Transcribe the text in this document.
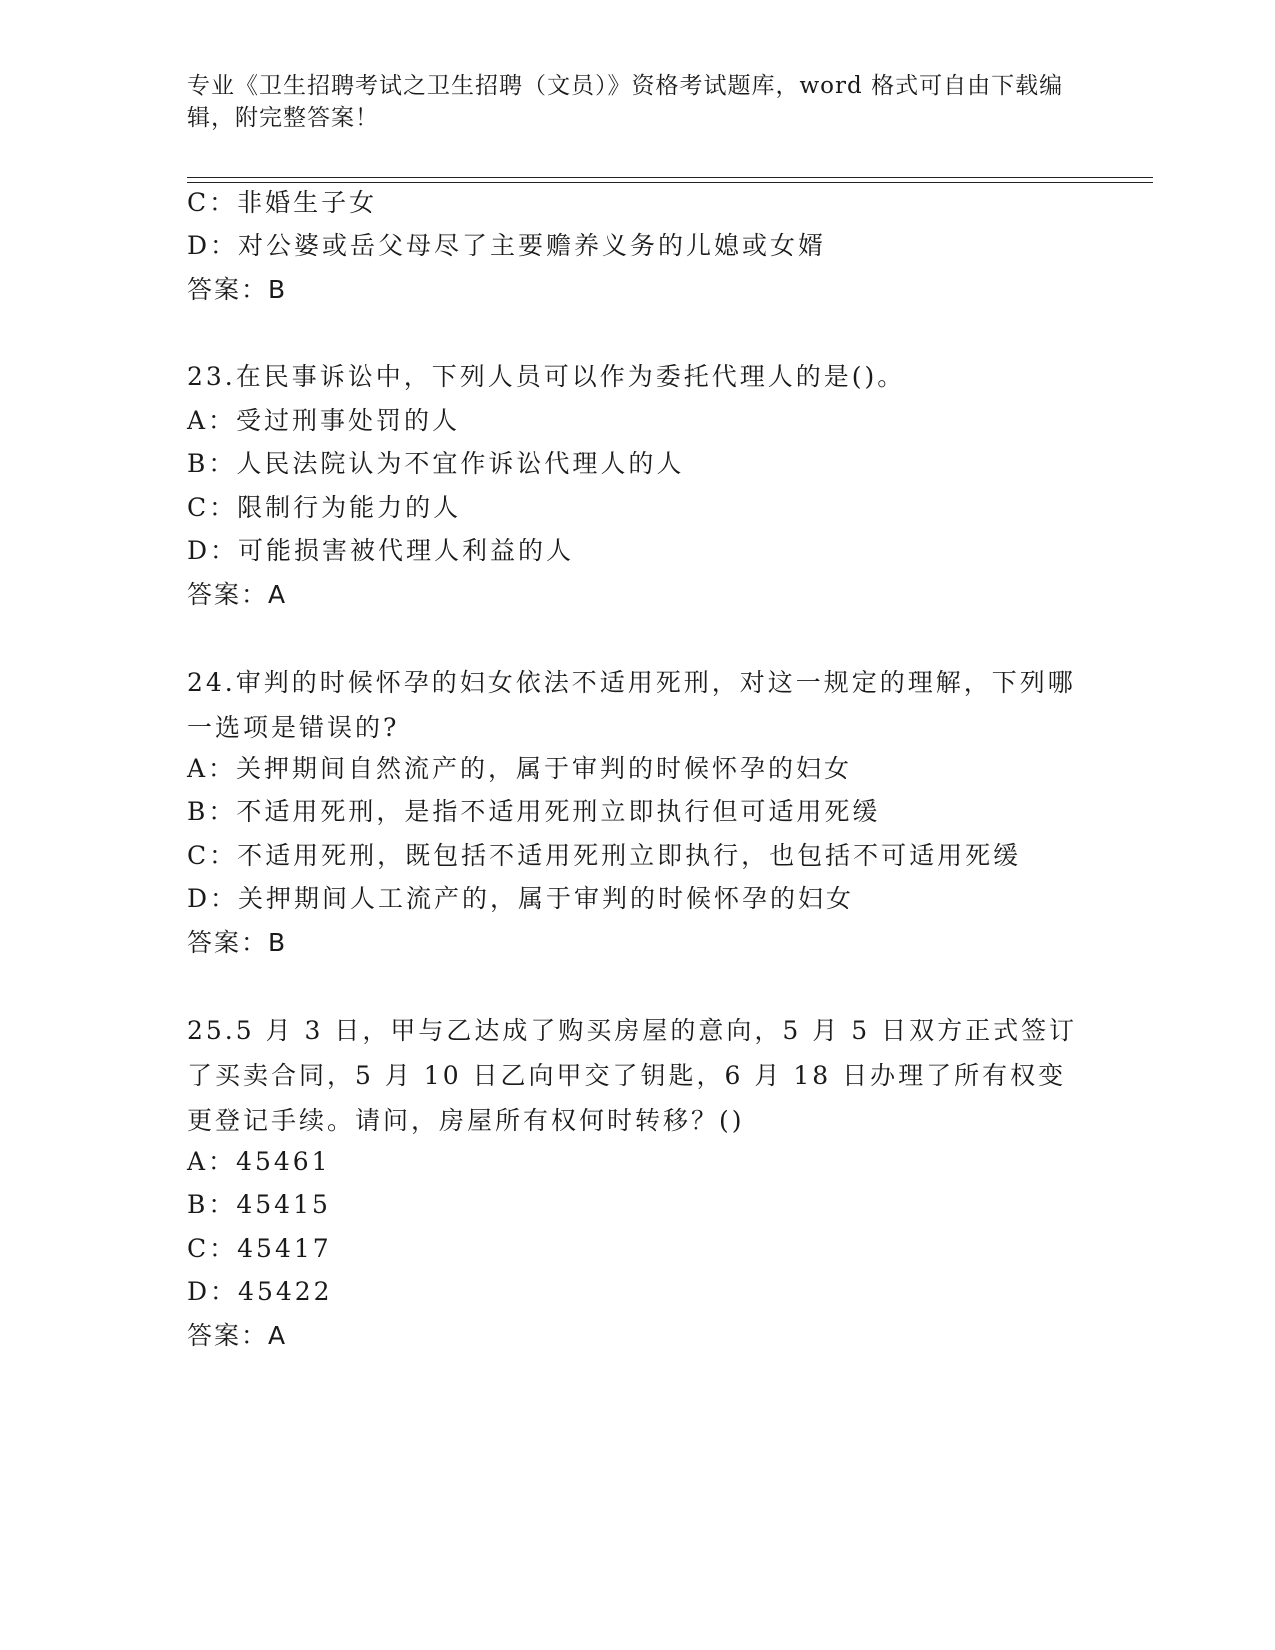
专业《卫生招聘考试之卫生招聘（文员）》资格考试题库，word 格式可自由下载编辑，附完整答案！
C：非婚生子女
D：对公婆或岳父母尽了主要赡养义务的儿媳或女婿
答案：B
23.在民事诉讼中，下列人员可以作为委托代理人的是()。
A：受过刑事处罚的人
B：人民法院认为不宜作诉讼代理人的人
C：限制行为能力的人
D：可能损害被代理人利益的人
答案：A
24.审判的时候怀孕的妇女依法不适用死刑，对这一规定的理解，下列哪一选项是错误的?
A：关押期间自然流产的，属于审判的时候怀孕的妇女
B：不适用死刑，是指不适用死刑立即执行但可适用死缓
C：不适用死刑，既包括不适用死刑立即执行，也包括不可适用死缓
D：关押期间人工流产的，属于审判的时候怀孕的妇女
答案：B
25.5 月 3 日，甲与乙达成了购买房屋的意向，5 月 5 日双方正式签订了买卖合同，5 月 10 日乙向甲交了钥匙，6 月 18 日办理了所有权变更登记手续。请问，房屋所有权何时转移？()
A：45461
B：45415
C：45417
D：45422
答案：A
